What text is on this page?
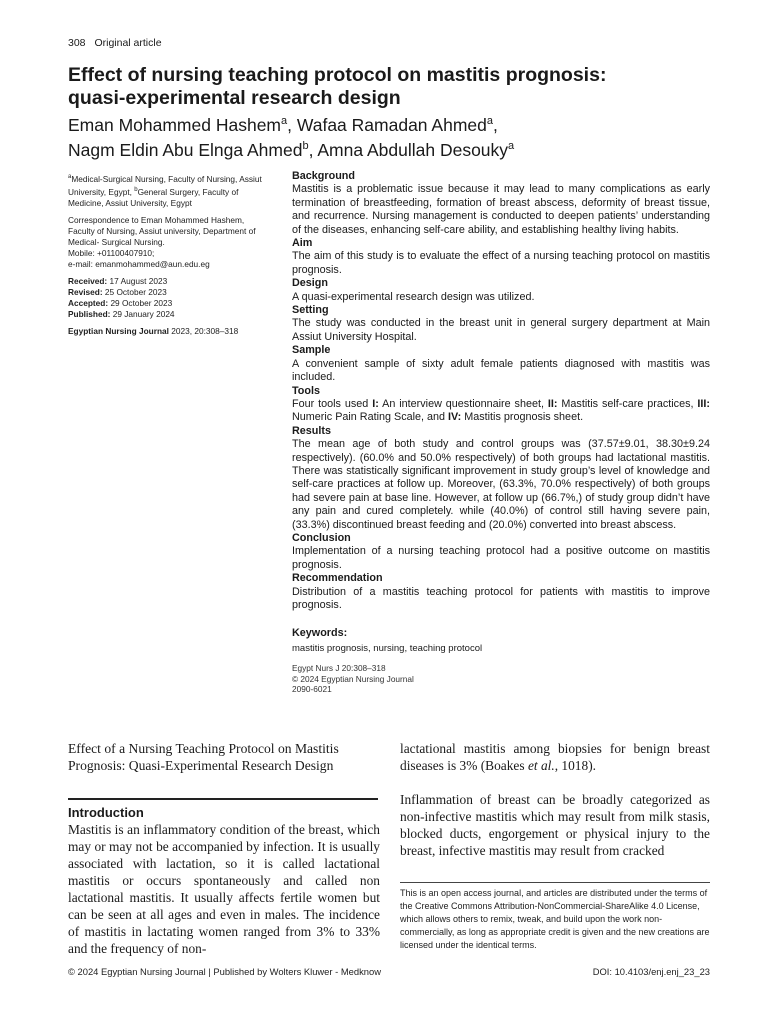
308 Original article
Effect of nursing teaching protocol on mastitis prognosis:
quasi-experimental research design
Eman Mohammed Hashem$^a$, Wafaa Ramadan Ahmed$^a$,
Nagm Eldin Abu Elnga Ahmed$^b$, Amna Abdullah Desouky$^a$

$^a$Medical-Surgical Nursing, Faculty of Nursing, Assiut University, Egypt, $^b$General Surgery, Faculty of Medicine, Assiut University, Egypt

Correspondence to Eman Mohammed Hashem, Faculty of Nursing, Assiut university, Department of Medical- Surgical Nursing.
Mobile: +01100407910;
e-mail: emanmohammed@aun.edu.eg

Received: 17 August 2023
Revised: 25 October 2023
Accepted: 29 October 2023
Published: 29 January 2024
Egyptian Nursing Journal 2023, 20:308–318
Background

Mastitis is a problematic issue because it may lead to many complications as early termination of breastfeeding, formation of breast abscess, deformity of breast tissue, and recurrence. Nursing management is conducted to deepen patients’ understanding of the diseases, enhancing self-care ability, and establishing healthy living habits.

Aim

The aim of this study is to evaluate the effect of a nursing teaching protocol on mastitis prognosis.

Design

A quasi-experimental research design was utilized.

Setting

The study was conducted in the breast unit in general surgery department at Main Assiut University Hospital.

Sample

A convenient sample of sixty adult female patients diagnosed with mastitis was included.

Tools

Four tools used I: An interview questionnaire sheet, II: Mastitis self-care practices, III: Numeric Pain Rating Scale, and IV: Mastitis prognosis sheet.

Results

The mean age of both study and control groups was (37.57±9.01, 38.30±9.24 respectively). (60.0% and 50.0% respectively) of both groups had lactational mastitis. There was statistically significant improvement in study group’s level of knowledge and self-care practices at follow up. Moreover, (63.3%, 70.0% respectively) of both groups had severe pain at base line. However, at follow up (66.7%,) of study group didn’t have any pain and cured completely. while (40.0%) of control still having severe pain, (33.3%) discontinued breast feeding and (20.0%) converted into breast abscess.

Conclusion

Implementation of a nursing teaching protocol had a positive outcome on mastitis prognosis.

Recommendation

Distribution of a mastitis teaching protocol for patients with mastitis to improve prognosis.

Keywords:
mastitis prognosis, nursing, teaching protocol
Egypt Nurs J 20:308–318
© 2024 Egyptian Nursing Journal
2090-6021
Effect of a Nursing Teaching Protocol on Mastitis Prognosis: Quasi-Experimental Research Design
Introduction

Mastitis is an inflammatory condition of the breast, which may or may not be accompanied by infection. It is usually associated with lactation, so it is called lactational mastitis or occurs spontaneously and called non lactational mastitis. It usually affects fertile women but can be seen at all ages and even in males. The incidence of mastitis in lactating women ranged from 3% to 33% and the frequency of non-

lactational mastitis among biopsies for benign breast diseases is 3% (Boakes et al., 1018).

Inflammation of breast can be broadly categorized as non-infective mastitis which may result from milk stasis, blocked ducts, engorgement or physical injury to the breast, infective mastitis may result from cracked

This is an open access journal, and articles are distributed under the terms of the Creative Commons Attribution-NonCommercial-ShareAlike 4.0 License, which allows others to remix, tweak, and build upon the work non-commercially, as long as appropriate credit is given and the new creations are licensed under the identical terms.
© 2024 Egyptian Nursing Journal | Published by Wolters Kluwer - Medknow	DOI: 10.4103/enj.enj_23_23
